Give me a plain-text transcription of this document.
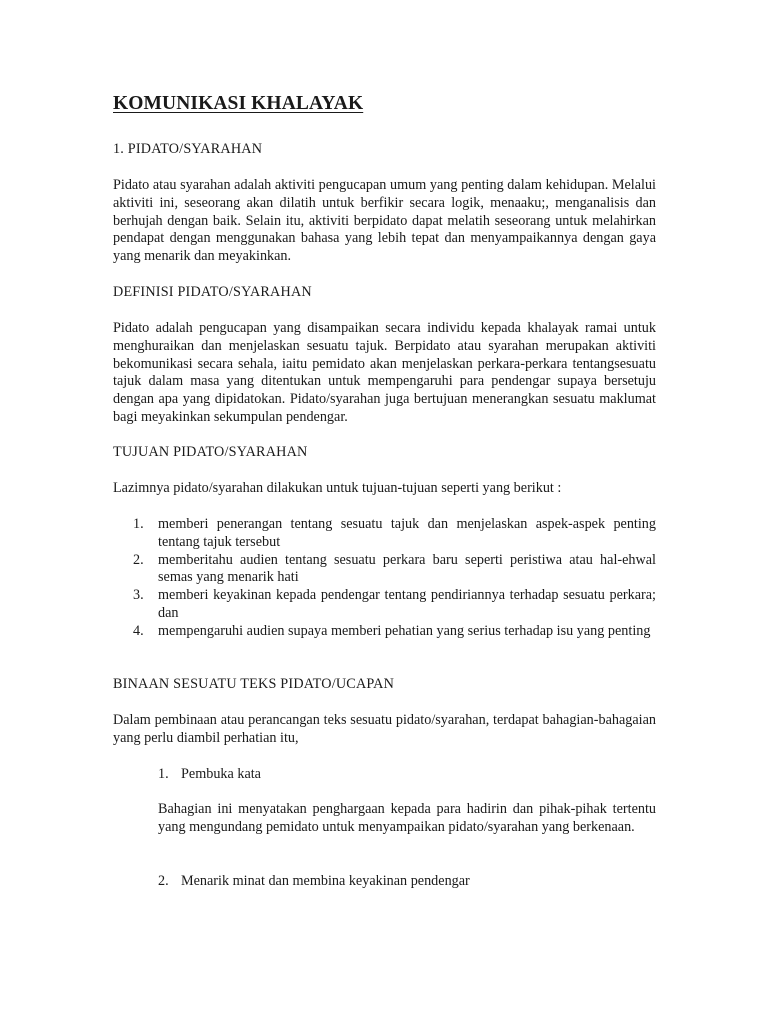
KOMUNIKASI KHALAYAK
1. PIDATO/SYARAHAN

Pidato atau syarahan adalah aktiviti pengucapan umum yang penting dalam kehidupan. Melalui aktiviti ini, seseorang akan dilatih untuk berfikir secara logik, menaaku;, menganalisis dan berhujah dengan baik. Selain itu, aktiviti berpidato dapat melatih seseorang untuk melahirkan pendapat dengan menggunakan bahasa yang lebih tepat dan menyampaikannya dengan gaya yang menarik dan meyakinkan.

DEFINISI PIDATO/SYARAHAN

Pidato adalah pengucapan yang disampaikan secara individu kepada khalayak ramai untuk menghuraikan dan menjelaskan sesuatu tajuk. Berpidato atau syarahan merupakan aktiviti bekomunikasi secara sehala, iaitu pemidato akan menjelaskan perkara-perkara tentangsesuatu tajuk dalam masa yang ditentukan untuk mempengaruhi para pendengar supaya bersetuju dengan apa yang dipidatokan. Pidato/syarahan juga bertujuan menerangkan sesuatu maklumat bagi meyakinkan sekumpulan pendengar.

TUJUAN PIDATO/SYARAHAN

Lazimnya pidato/syarahan dilakukan untuk tujuan-tujuan seperti yang berikut :

1. memberi penerangan tentang sesuatu tajuk dan menjelaskan aspek-aspek penting tentang tajuk tersebut
2. memberitahu audien tentang sesuatu perkara baru seperti peristiwa atau hal-ehwal semas yang menarik hati
3. memberi keyakinan kepada pendengar tentang pendiriannya terhadap sesuatu perkara; dan
4. mempengaruhi audien supaya memberi pehatian yang serius terhadap isu yang penting
BINAAN SESUATU TEKS PIDATO/UCAPAN

Dalam pembinaan atau perancangan teks sesuatu pidato/syarahan, terdapat bahagian-bahagaian yang perlu diambil perhatian itu,

1. Pembuka kata

Bahagian ini menyatakan penghargaan kepada para hadirin dan pihak-pihak tertentu yang mengundang pemidato untuk menyampaikan pidato/syarahan yang berkenaan.

2. Menarik minat dan membina keyakinan pendengar
